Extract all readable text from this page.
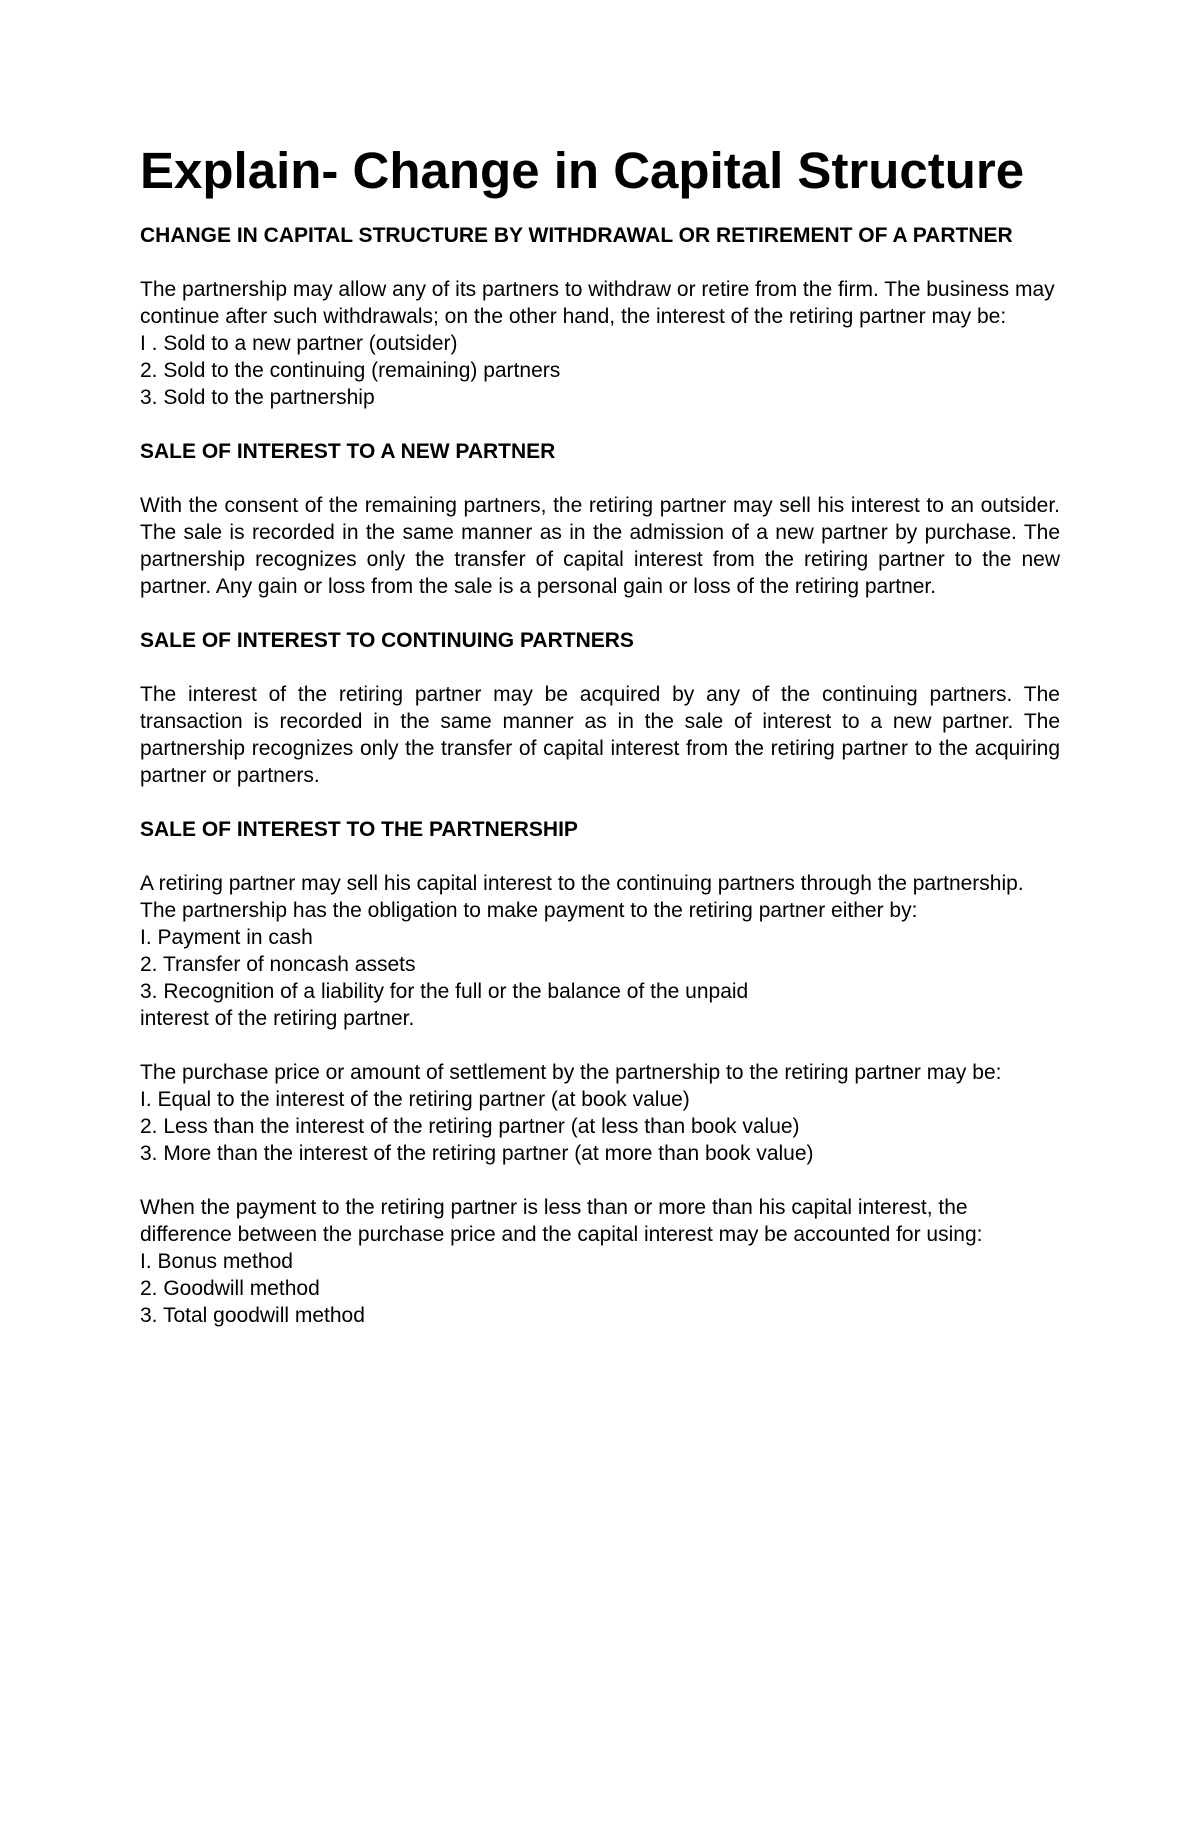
Explain- Change in Capital Structure
CHANGE IN CAPITAL STRUCTURE BY WITHDRAWAL OR RETIREMENT OF A PARTNER

The partnership may allow any of its partners to withdraw or retire from the firm. The business may continue after such withdrawals; on the other hand, the interest of the retiring partner may be:

I . Sold to a new partner (outsider)
2. Sold to the continuing (remaining) partners
3. Sold to the partnership
SALE OF INTEREST TO A NEW PARTNER
With the consent of the remaining partners, the retiring partner may sell his interest to an outsider. The sale is recorded in the same manner as in the admission of a new partner by purchase. The partnership recognizes only the transfer of capital interest from the retiring partner to the new partner. Any gain or loss from the sale is a personal gain or loss of the retiring partner.
SALE OF INTEREST TO CONTINUING PARTNERS
The interest of the retiring partner may be acquired by any of the continuing partners. The transaction is recorded in the same manner as in the sale of interest to a new partner. The partnership recognizes only the transfer of capital interest from the retiring partner to the acquiring partner or partners.
SALE OF INTEREST TO THE PARTNERSHIP

A retiring partner may sell his capital interest to the continuing partners through the partnership. The partnership has the obligation to make payment to the retiring partner either by:

I. Payment in cash
2. Transfer of noncash assets
3. Recognition of a liability for the full or the balance of the unpaid
interest of the retiring partner.

The purchase price or amount of settlement by the partnership to the retiring partner may be:

I. Equal to the interest of the retiring partner (at book value)
2. Less than the interest of the retiring partner (at less than book value)
3. More than the interest of the retiring partner (at more than book value)

When the payment to the retiring partner is less than or more than his capital interest, the difference between the purchase price and the capital interest may be accounted for using:

I. Bonus method
2. Goodwill method
3. Total goodwill method
